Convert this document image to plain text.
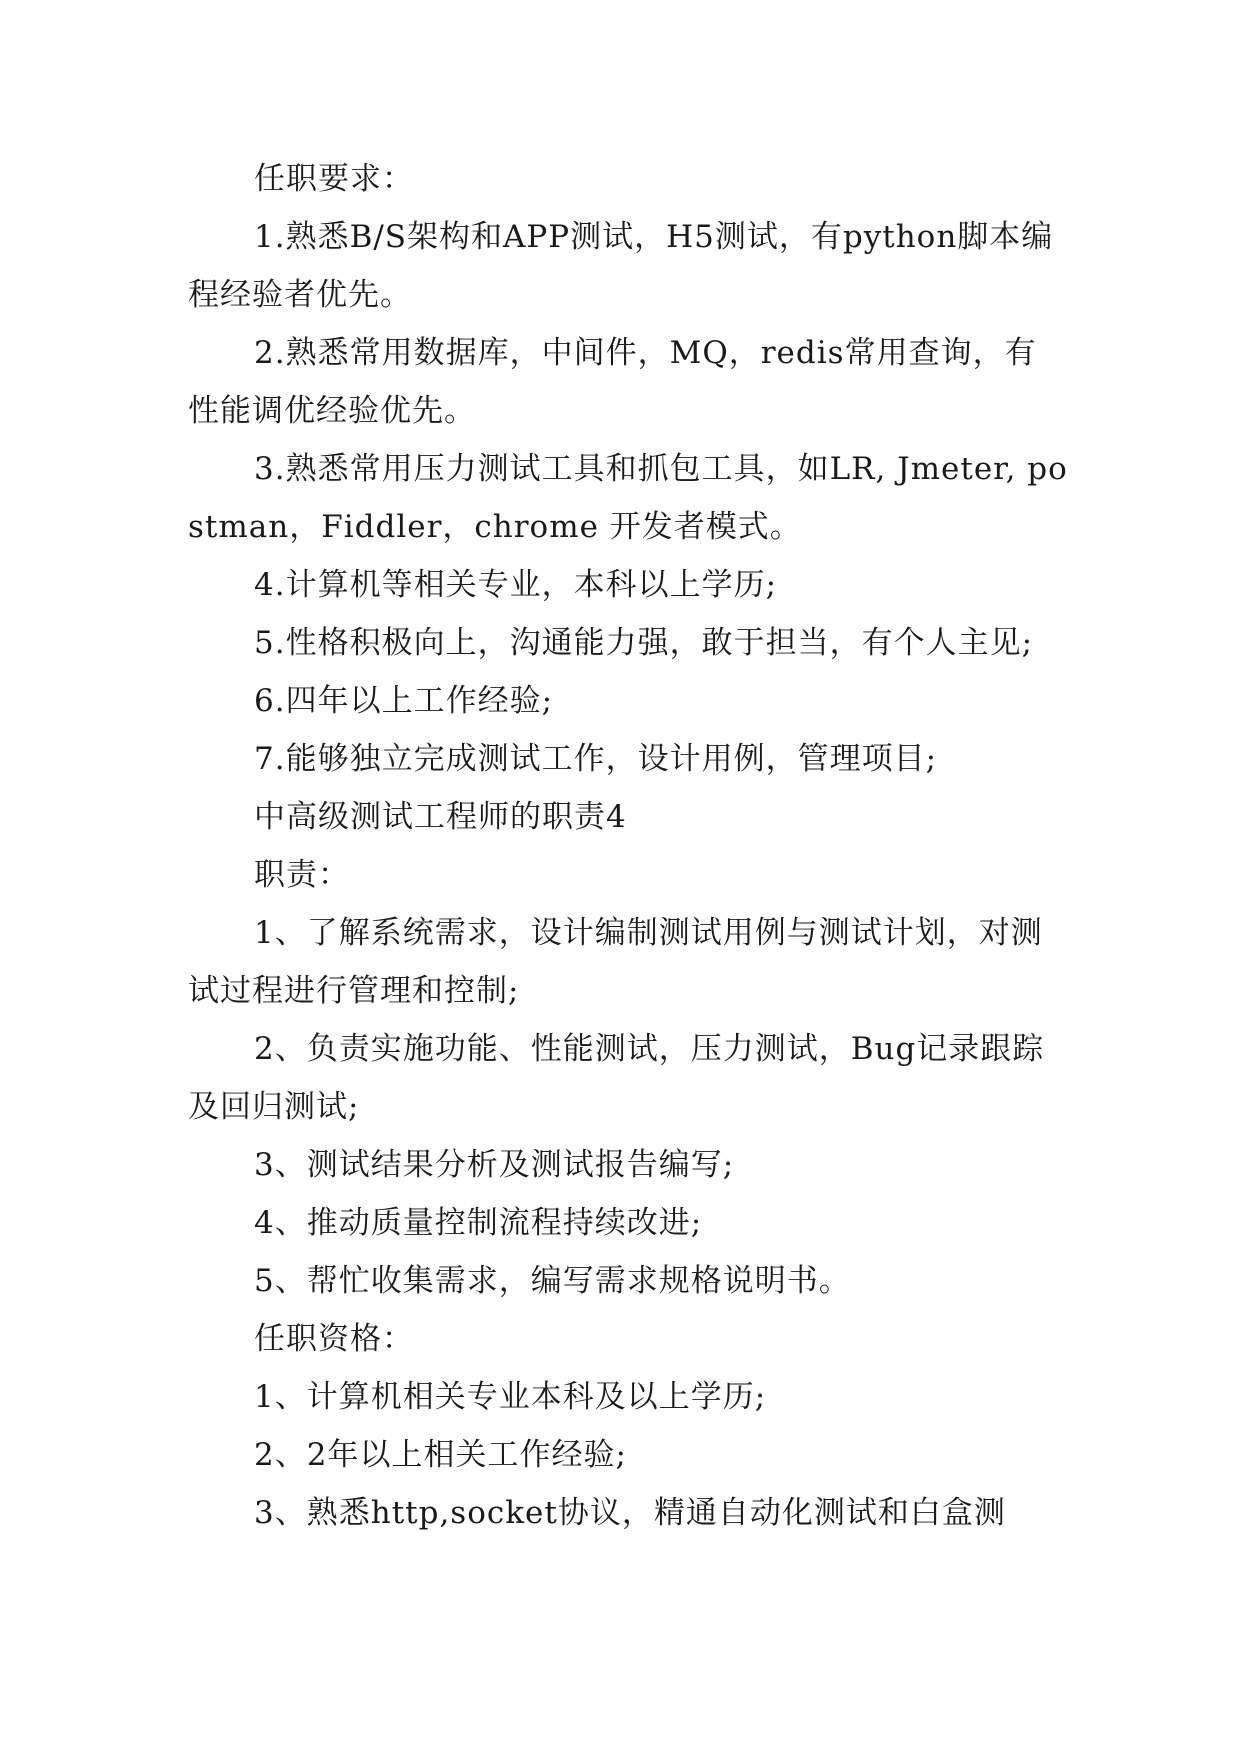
任职要求：

1.熟悉B/S架构和APP测试，H5测试，有python脚本编程经验者优先。

2.熟悉常用数据库，中间件，MQ，redis常用查询，有性能调优经验优先。

3.熟悉常用压力测试工具和抓包工具，如LR, Jmeter, postman，Fiddler，chrome 开发者模式。

4.计算机等相关专业，本科以上学历;

5.性格积极向上，沟通能力强，敢于担当，有个人主见;

6.四年以上工作经验;

7.能够独立完成测试工作，设计用例，管理项目;

中高级测试工程师的职责4

职责：

1、了解系统需求，设计编制测试用例与测试计划，对测试过程进行管理和控制;

2、负责实施功能、性能测试，压力测试，Bug记录跟踪及回归测试;

3、测试结果分析及测试报告编写;

4、推动质量控制流程持续改进;

5、帮忙收集需求，编写需求规格说明书。

任职资格：

1、计算机相关专业本科及以上学历;

2、2年以上相关工作经验;

3、熟悉http,socket协议，精通自动化测试和白盒测
